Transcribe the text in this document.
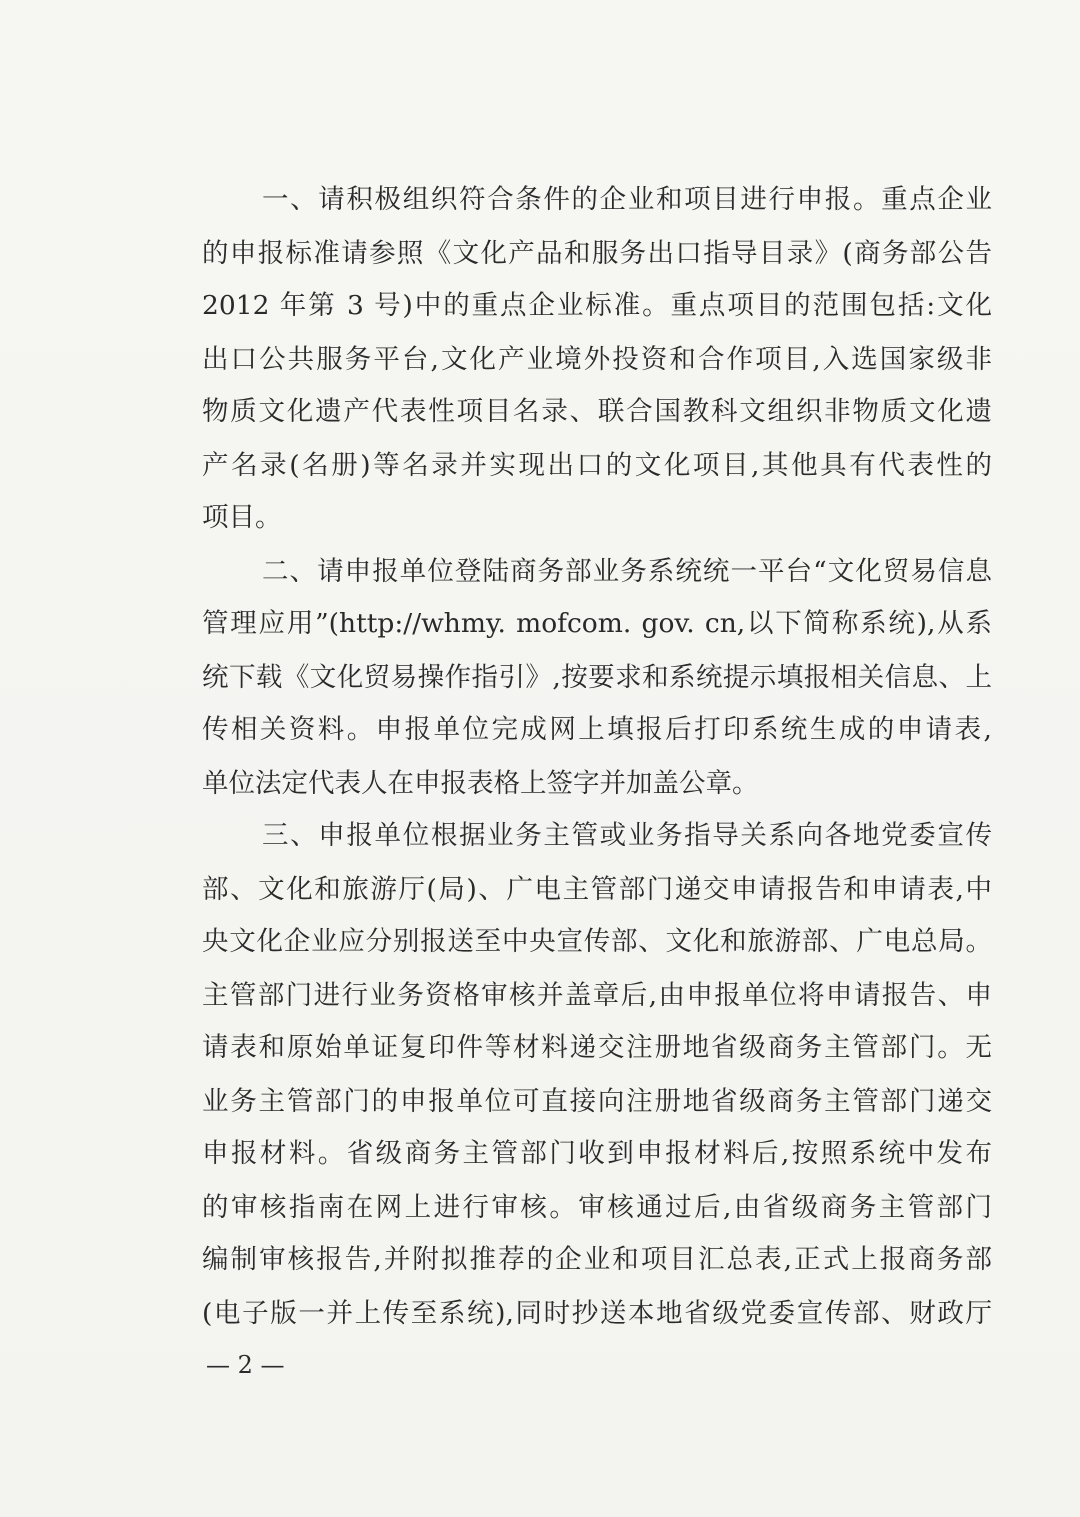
一、请积极组织符合条件的企业和项目进行申报。重点企业
的申报标准请参照《文化产品和服务出口指导目录》(商务部公告
2012 年第 3 号)中的重点企业标准。重点项目的范围包括:文化
出口公共服务平台,文化产业境外投资和合作项目,入选国家级非
物质文化遗产代表性项目名录、联合国教科文组织非物质文化遗
产名录(名册)等名录并实现出口的文化项目,其他具有代表性的
项目。
二、请申报单位登陆商务部业务系统统一平台“文化贸易信息
管理应用”(http://whmy. mofcom. gov. cn,以下简称系统),从系
统下载《文化贸易操作指引》,按要求和系统提示填报相关信息、上
传相关资料。申报单位完成网上填报后打印系统生成的申请表,
单位法定代表人在申报表格上签字并加盖公章。
三、申报单位根据业务主管或业务指导关系向各地党委宣传
部、文化和旅游厅(局)、广电主管部门递交申请报告和申请表,中
央文化企业应分别报送至中央宣传部、文化和旅游部、广电总局。
主管部门进行业务资格审核并盖章后,由申报单位将申请报告、申
请表和原始单证复印件等材料递交注册地省级商务主管部门。无
业务主管部门的申报单位可直接向注册地省级商务主管部门递交
申报材料。省级商务主管部门收到申报材料后,按照系统中发布
的审核指南在网上进行审核。审核通过后,由省级商务主管部门
编制审核报告,并附拟推荐的企业和项目汇总表,正式上报商务部
(电子版一并上传至系统),同时抄送本地省级党委宣传部、财政厅
— 2 —
